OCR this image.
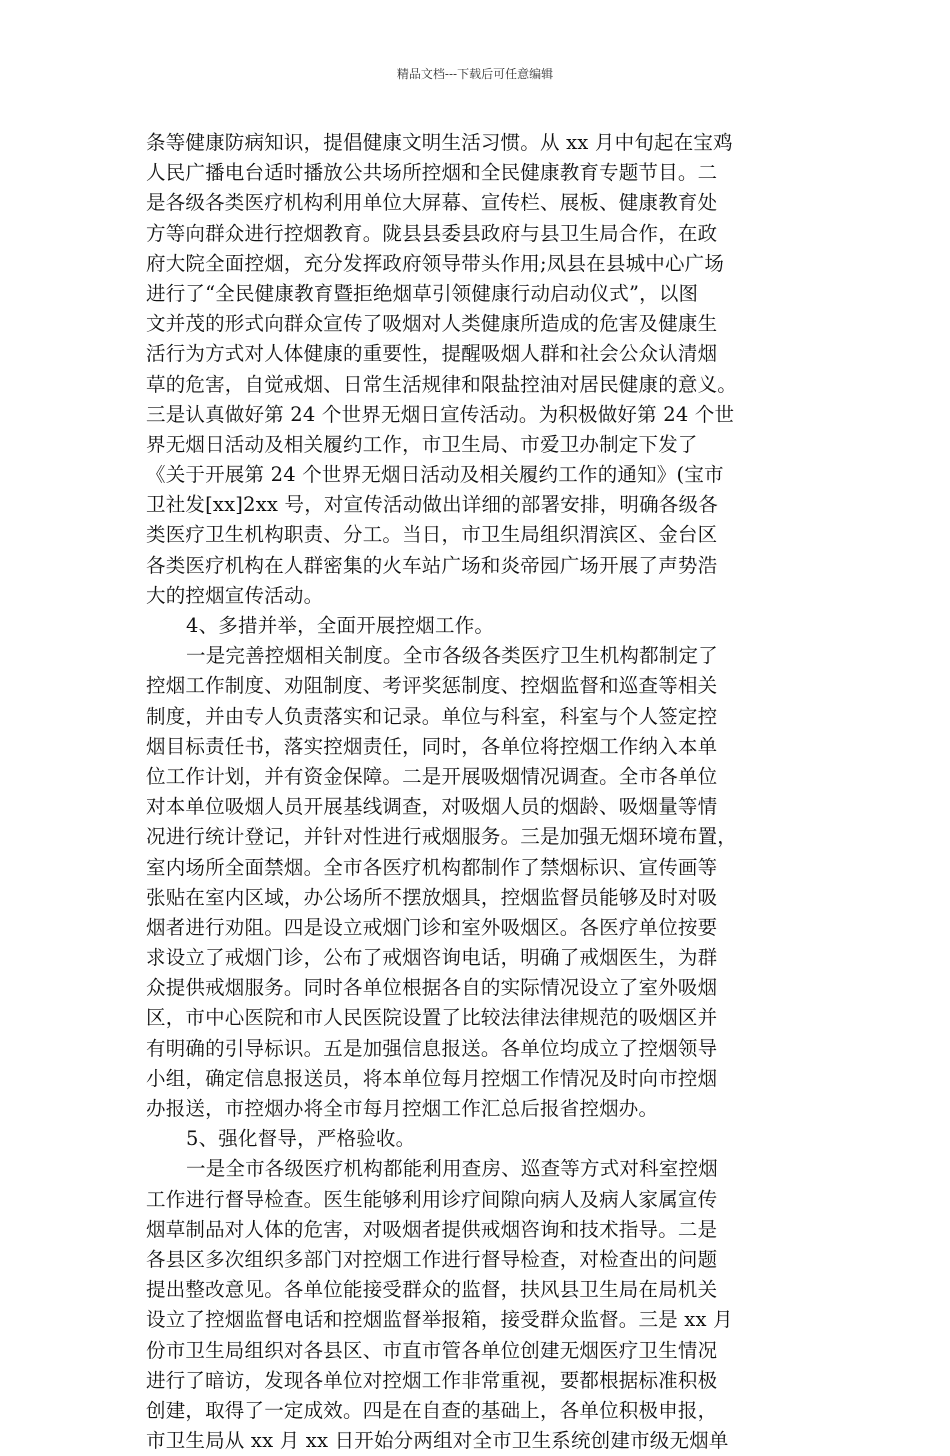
精品文档---下载后可任意编辑
条等健康防病知识，提倡健康文明生活习惯。从 xx 月中旬起在宝鸡
人民广播电台适时播放公共场所控烟和全民健康教育专题节目。二
是各级各类医疗机构利用单位大屏幕、宣传栏、展板、健康教育处
方等向群众进行控烟教育。陇县县委县政府与县卫生局合作，在政
府大院全面控烟，充分发挥政府领导带头作用;凤县在县城中心广场
进行了“全民健康教育暨拒绝烟草引领健康行动启动仪式”，以图
文并茂的形式向群众宣传了吸烟对人类健康所造成的危害及健康生
活行为方式对人体健康的重要性，提醒吸烟人群和社会公众认清烟
草的危害，自觉戒烟、日常生活规律和限盐控油对居民健康的意义。
三是认真做好第 24 个世界无烟日宣传活动。为积极做好第 24 个世
界无烟日活动及相关履约工作，市卫生局、市爱卫办制定下发了
《关于开展第 24 个世界无烟日活动及相关履约工作的通知》(宝市
卫社发[xx]2xx 号，对宣传活动做出详细的部署安排，明确各级各
类医疗卫生机构职责、分工。当日，市卫生局组织渭滨区、金台区
各类医疗机构在人群密集的火车站广场和炎帝园广场开展了声势浩
大的控烟宣传活动。
4、多措并举，全面开展控烟工作。
一是完善控烟相关制度。全市各级各类医疗卫生机构都制定了
控烟工作制度、劝阻制度、考评奖惩制度、控烟监督和巡查等相关
制度，并由专人负责落实和记录。单位与科室，科室与个人签定控
烟目标责任书，落实控烟责任，同时，各单位将控烟工作纳入本单
位工作计划，并有资金保障。二是开展吸烟情况调查。全市各单位
对本单位吸烟人员开展基线调查，对吸烟人员的烟龄、吸烟量等情
况进行统计登记，并针对性进行戒烟服务。三是加强无烟环境布置，
室内场所全面禁烟。全市各医疗机构都制作了禁烟标识、宣传画等
张贴在室内区域，办公场所不摆放烟具，控烟监督员能够及时对吸
烟者进行劝阻。四是设立戒烟门诊和室外吸烟区。各医疗单位按要
求设立了戒烟门诊，公布了戒烟咨询电话，明确了戒烟医生，为群
众提供戒烟服务。同时各单位根据各自的实际情况设立了室外吸烟
区，市中心医院和市人民医院设置了比较法律法律规范的吸烟区并
有明确的引导标识。五是加强信息报送。各单位均成立了控烟领导
小组，确定信息报送员，将本单位每月控烟工作情况及时向市控烟
办报送，市控烟办将全市每月控烟工作汇总后报省控烟办。
5、强化督导，严格验收。
一是全市各级医疗机构都能利用查房、巡查等方式对科室控烟
工作进行督导检查。医生能够利用诊疗间隙向病人及病人家属宣传
烟草制品对人体的危害，对吸烟者提供戒烟咨询和技术指导。二是
各县区多次组织多部门对控烟工作进行督导检查，对检查出的问题
提出整改意见。各单位能接受群众的监督，扶风县卫生局在局机关
设立了控烟监督电话和控烟监督举报箱，接受群众监督。三是 xx 月
份市卫生局组织对各县区、市直市管各单位创建无烟医疗卫生情况
进行了暗访，发现各单位对控烟工作非常重视，要都根据标准积极
创建，取得了一定成效。四是在自查的基础上，各单位积极申报，
市卫生局从 xx 月 xx 日开始分两组对全市卫生系统创建市级无烟单
